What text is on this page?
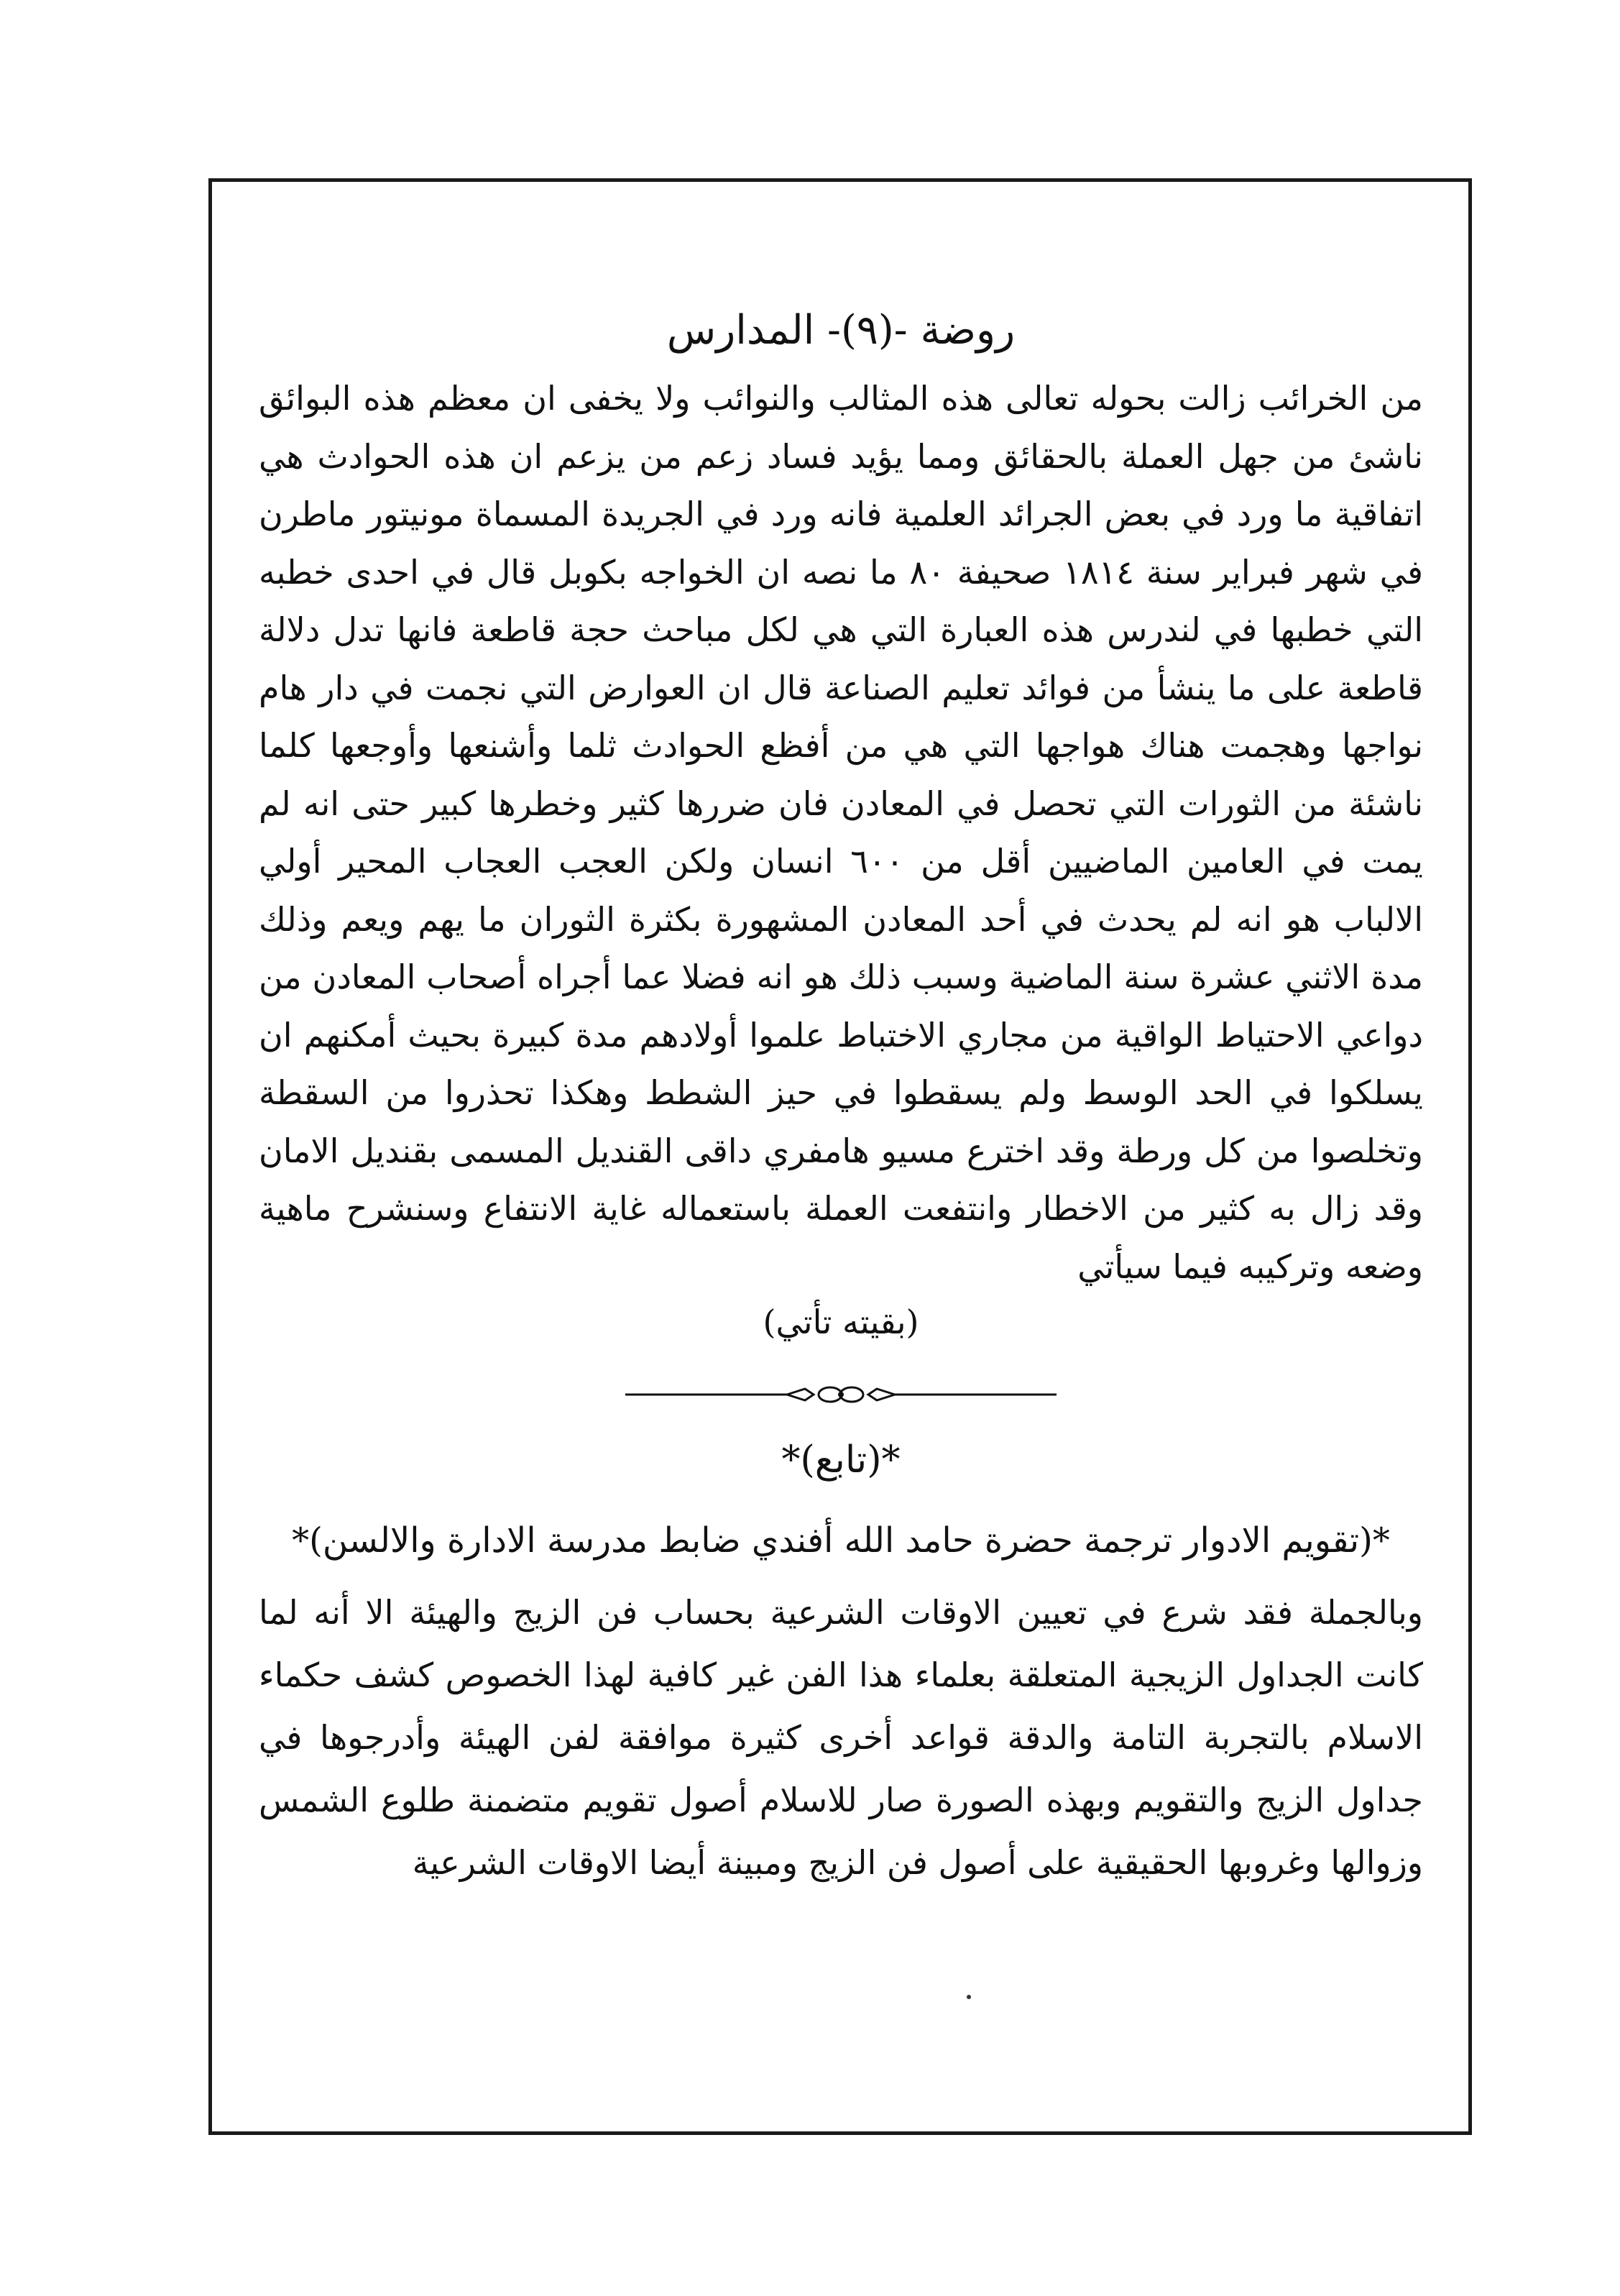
روضة -(٩)- المدارس
من الخرائب زالت بحوله تعالى هذه المثالب والنوائب ولا يخفى ان معظم هذه البوائق ناشئ من جهل العملة بالحقائق ومما يؤيد فساد زعم من يزعم ان هذه الحوادث هي اتفاقية ما ورد في بعض الجرائد العلمية فانه ورد في الجريدة المسماة مونيتور ماطرن في شهر فبراير سنة ١٨١٤ صحيفة ٨٠ ما نصه ان الخواجه بكوبل قال في احدى خطبه التي خطبها في لندرس هذه العبارة التي هي لكل مباحث حجة قاطعة فانها تدل دلالة قاطعة على ما ينشأ من فوائد تعليم الصناعة قال ان العوارض التي نجمت في دار هام نواجها وهجمت هناك هواجها التي هي من أفظع الحوادث ثلما وأشنعها وأوجعها كلما ناشئة من الثورات التي تحصل في المعادن فان ضررها كثير وخطرها كبير حتى انه لم يمت في العامين الماضيين أقل من ٦٠٠ انسان ولكن العجب العجاب المحير أولي الالباب هو انه لم يحدث في أحد المعادن المشهورة بكثرة الثوران ما يهم ويعم وذلك مدة الاثني عشرة سنة الماضية وسبب ذلك هو انه فضلا عما أجراه أصحاب المعادن من دواعي الاحتياط الواقية من مجاري الاختباط علموا أولادهم مدة كبيرة بحيث أمكنهم ان يسلكوا في الحد الوسط ولم يسقطوا في حيز الشطط وهكذا تحذروا من السقطة وتخلصوا من كل ورطة وقد اخترع مسيو هامفري داقى القنديل المسمى بقنديل الامان وقد زال به كثير من الاخطار وانتفعت العملة باستعماله غاية الانتفاع وسنشرح ماهية وضعه وتركيبه فيما سيأتي
(بقيته تأتي)
*(تابع)*
*(تقويم الادوار ترجمة حضرة حامد الله أفندي ضابط مدرسة الادارة والالسن)*
وبالجملة فقد شرع في تعيين الاوقات الشرعية بحساب فن الزيج والهيئة الا أنه لما كانت الجداول الزيجية المتعلقة بعلماء هذا الفن غير كافية لهذا الخصوص كشف حكماء الاسلام بالتجربة التامة والدقة قواعد أخرى كثيرة موافقة لفن الهيئة وأدرجوها في جداول الزيج والتقويم وبهذه الصورة صار للاسلام أصول تقويم متضمنة طلوع الشمس وزوالها وغروبها الحقيقية على أصول فن الزيج ومبينة أيضا الاوقات الشرعية
